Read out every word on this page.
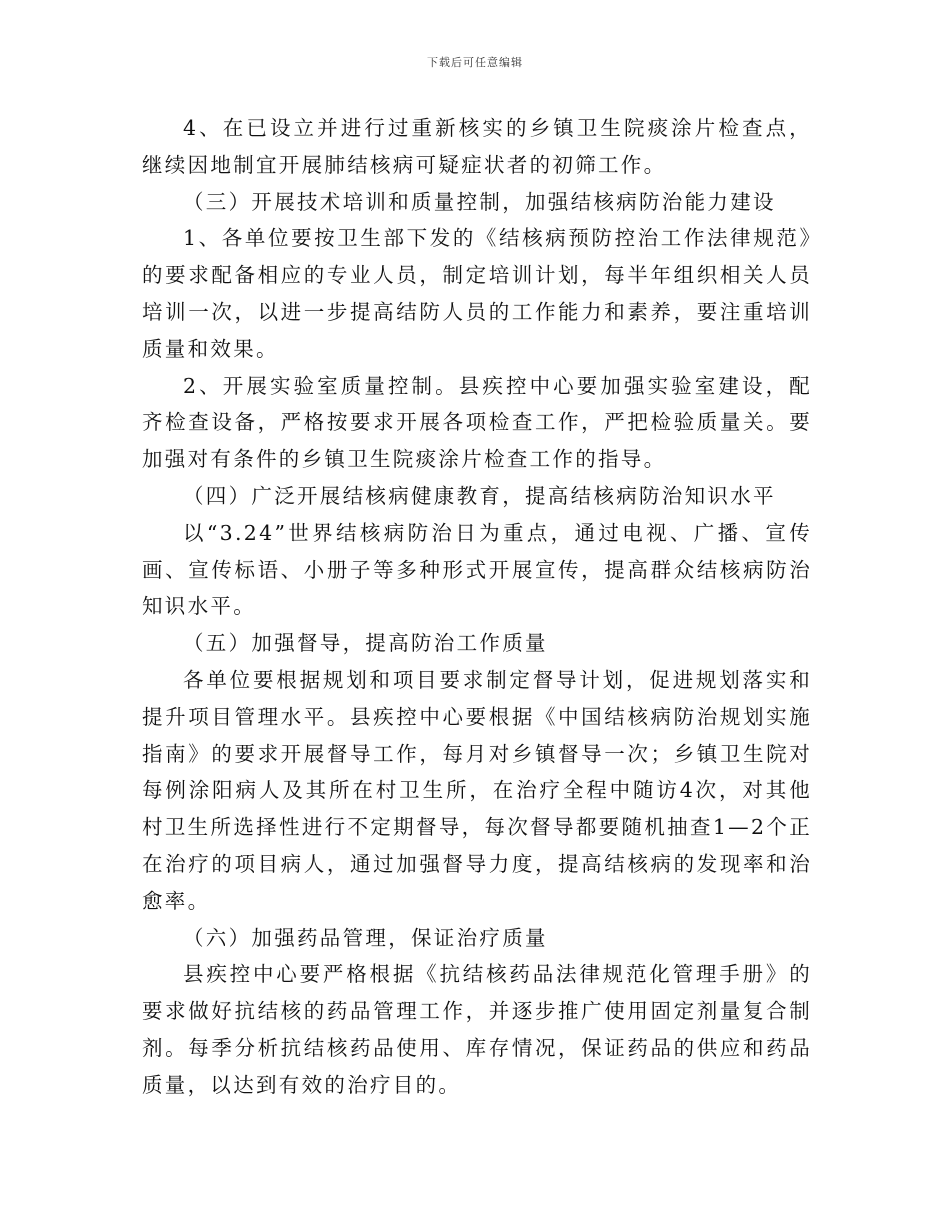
下载后可任意编辑

4、在已设立并进行过重新核实的乡镇卫生院痰涂片检查点，继续因地制宜开展肺结核病可疑症状者的初筛工作。

（三）开展技术培训和质量控制，加强结核病防治能力建设

1、各单位要按卫生部下发的《结核病预防控治工作法律规范》的要求配备相应的专业人员，制定培训计划，每半年组织相关人员培训一次，以进一步提高结防人员的工作能力和素养，要注重培训质量和效果。

2、开展实验室质量控制。县疾控中心要加强实验室建设，配齐检查设备，严格按要求开展各项检查工作，严把检验质量关。要加强对有条件的乡镇卫生院痰涂片检查工作的指导。

（四）广泛开展结核病健康教育，提高结核病防治知识水平

以“3.24”世界结核病防治日为重点，通过电视、广播、宣传画、宣传标语、小册子等多种形式开展宣传，提高群众结核病防治知识水平。

（五）加强督导，提高防治工作质量

各单位要根据规划和项目要求制定督导计划，促进规划落实和提升项目管理水平。县疾控中心要根据《中国结核病防治规划实施指南》的要求开展督导工作，每月对乡镇督导一次；乡镇卫生院对每例涂阳病人及其所在村卫生所，在治疗全程中随访4次，对其他村卫生所选择性进行不定期督导，每次督导都要随机抽查1—2个正在治疗的项目病人，通过加强督导力度，提高结核病的发现率和治愈率。

（六）加强药品管理，保证治疗质量

县疾控中心要严格根据《抗结核药品法律规范化管理手册》的要求做好抗结核的药品管理工作，并逐步推广使用固定剂量复合制剂。每季分析抗结核药品使用、库存情况，保证药品的供应和药品质量，以达到有效的治疗目的。
